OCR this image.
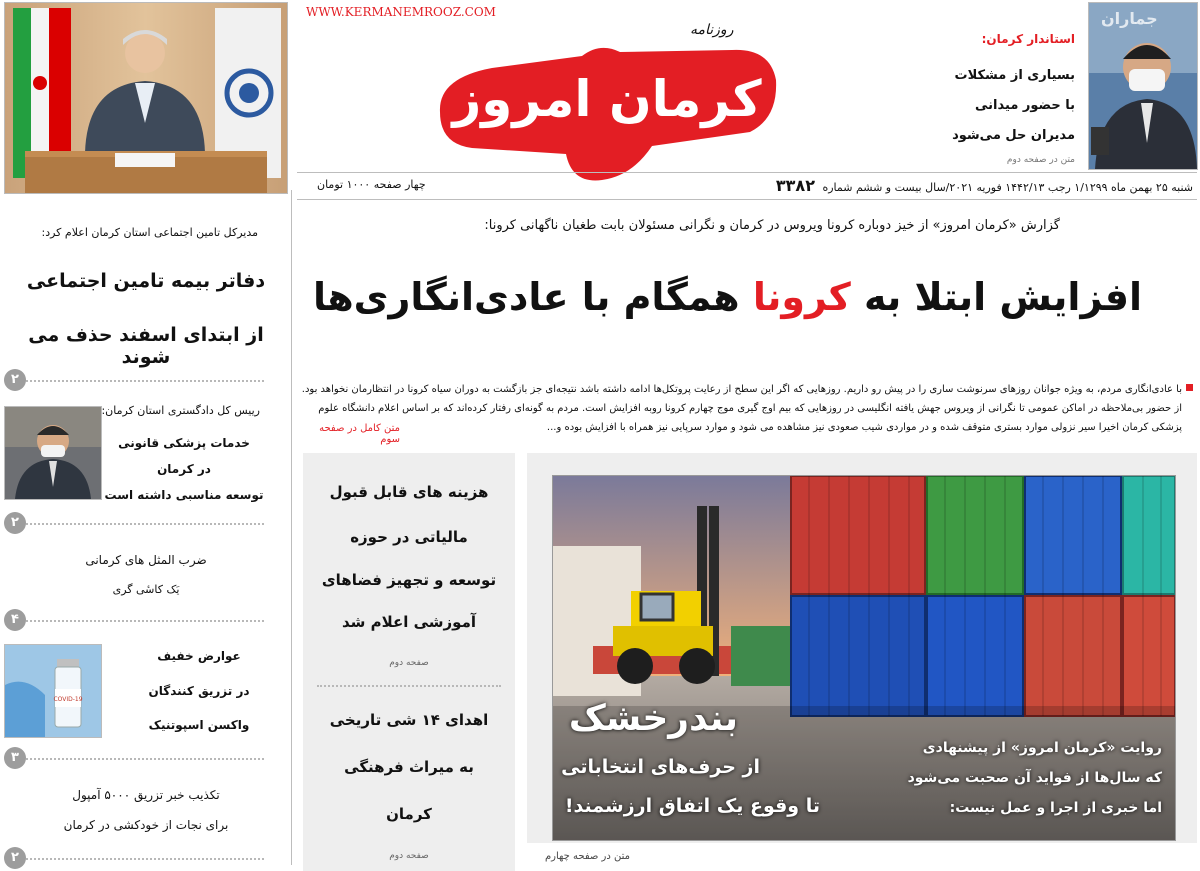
مدیرکل تامین اجتماعی استان کرمان اعلام کرد:
دفاتر بیمه تامین اجتماعی
از ابتدای اسفند حذف می شوند
۲
رییس کل دادگستری استان کرمان:
خدمات پزشکی قانونی
در کرمان
توسعه مناسبی داشته است
۲
ضرب المثل های کرمانی
یَک کاسٔی گری
۴
COVID-19
عوارض خفیف
در تزریق کنندگان
واکسن اسپوتنیک
۳
تکذیب خبر تزریق ۵۰۰۰ آمپول
برای نجات از خودکشی در کرمان
۲
WWW.KERMANEMROOZ.COM
روزنامه
کرمان امروز
جماران
استاندار کرمان:
بسیاری از مشکلات
با حضور میدانی
مدیران حل می‌شود
متن در صفحه دوم
چهار صفحه ۱۰۰۰ تومان	شنبه ۲۵ بهمن ماه ۱/۱۲۹۹ رجب ۱۴۴۲/۱۳ فوریه ۲۰۲۱/سال بیست و ششم شماره ۳۳۸۲
گزارش «کرمان امروز» از خیز دوباره کرونا ویروس در کرمان و نگرانی مسئولان بابت طغیان ناگهانی کرونا:
افزایش ابتلا به کرونا همگام با عادی‌انگاری‌ها
با عادی‌انگاری مردم، به ویژه جوانان روزهای سرنوشت ساری را در پیش رو داریم. روزهایی که اگر این سطح از رعایت پروتکل‌ها ادامه داشته باشد نتیجه‌ای جز بازگشت به دوران سیاه کرونا در انتظارمان نخواهد بود. از حضور بی‌ملاحظه در اماکن عمومی تا نگرانی از ویروس جهش یافته انگلیسی در روزهایی که بیم اوج گیری موج چهارم کرونا روبه افزایش است. مردم به گونه‌ای رفتار کرده‌اند که بر اساس اعلام دانشگاه علوم پزشکی کرمان اخیرا سیر نزولی موارد بستری متوقف شده و در مواردی شیب صعودی نیز مشاهده می شود و موارد سرپایی نیز همراه با افزایش بوده و...
متن کامل در صفحه سوم
هزینه های قابل قبول
مالیاتی در حوزه
توسعه و تجهیز فضاهای
آموزشی اعلام شد
صفحه دوم
اهدای ۱۴ شی تاریخی
به میراث فرهنگی
کرمان
صفحه دوم
بندرخشک
از حرف‌های انتخاباتی
تا وقوع یک اتفاق ارزشمند!
روایت «کرمان امروز» از پیشنهادی
که سال‌ها از فواید آن صحبت می‌شود
اما خبری از اجرا و عمل نیست:
متن در صفحه چهارم
